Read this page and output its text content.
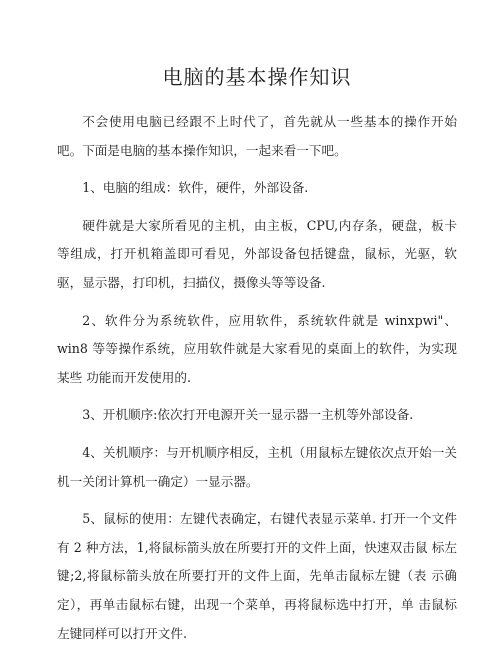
电脑的基本操作知识

不会使用电脑已经跟不上时代了，首先就从一些基本的操作开始 吧。下面是电脑的基本操作知识，一起来看一下吧。

1、电脑的组成：软件，硬件，外部设备.

硬件就是大家所看见的主机，由主板，CPU,内存条，硬盘，板卡 等组成，打开机箱盖即可看见，外部设备包括键盘，鼠标，光驱，软 驱，显示器，打印机，扫描仪，摄像头等等设备.

2、软件分为系统软件，应用软件，系统软件就是 winxpwi"、win8 等等操作系统，应用软件就是大家看见的桌面上的软件，为实现某些 功能而开发使用的.

3、开机顺序:依次打开电源开关一显示器一主机等外部设备.

4、关机顺序：与开机顺序相反，主机（用鼠标左键依次点开始一关 机一关闭计算机一确定）一显示器。

5、鼠标的使用：左键代表确定，右键代表显示菜单. 打开一个文件 有 2 种方法，1,将鼠标箭头放在所要打开的文件上面，快速双击鼠 标左键;2,将鼠标箭头放在所要打开的文件上面，先单击鼠标左键（表 示确定），再单击鼠标右键，出现一个菜单，再将鼠标选中打开，单 击鼠标左键同样可以打开文件.
